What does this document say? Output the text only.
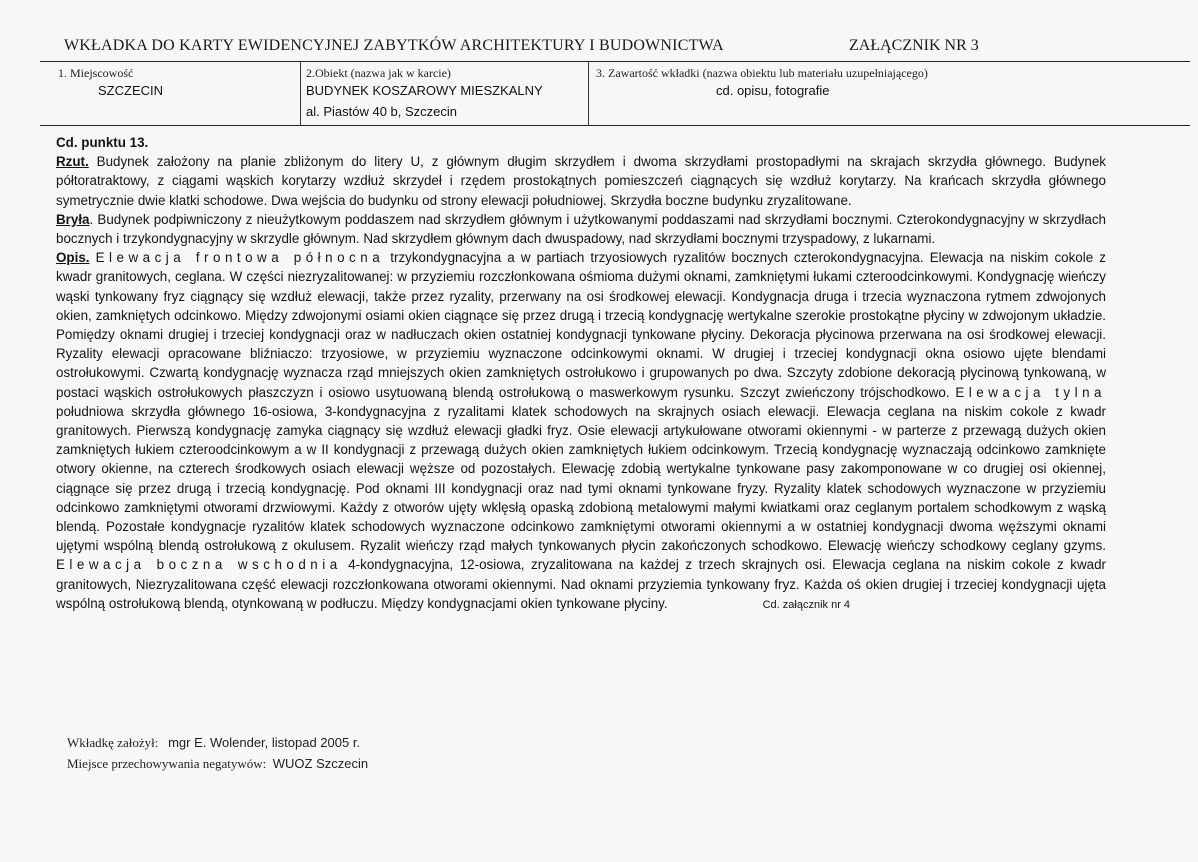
WKŁADKA DO KARTY EWIDENCYJNEJ ZABYTKÓW ARCHITEKTURY I BUDOWNICTWA	ZAŁĄCZNIK NR 3
1. Miejscowość
SZCZECIN
2.Obiekt (nazwa jak w karcie)
BUDYNEK KOSZAROWY MIESZKALNY
al. Piastów 40 b, Szczecin
3. Zawartość wkładki (nazwa obiektu lub materiału uzupełniającego)
cd. opisu, fotografie

Cd. punktu 13.

Rzut. Budynek założony na planie zbliżonym do litery U, z głównym długim skrzydłem i dwoma skrzydłami prostopadłymi na skrajach skrzydła głównego. Budynek półtoratraktowy, z ciągami wąskich korytarzy wzdłuż skrzydeł i rzędem prostokątnych pomieszczeń ciągnących się wzdłuż korytarzy. Na krańcach skrzydła głównego symetrycznie dwie klatki schodowe. Dwa wejścia do budynku od strony elewacji południowej. Skrzydła boczne budynku zryzalitowane.

Bryła. Budynek podpiwniczony z nieużytkowym poddaszem nad skrzydłem głównym i użytkowanymi poddaszami nad skrzydłami bocznymi. Czterokondygnacyjny w skrzydłach bocznych i trzykondygnacyjny w skrzydle głównym. Nad skrzydłem głównym dach dwuspadowy, nad skrzydłami bocznymi trzyspadowy, z lukarnami.

Opis. Elewacja frontowa północna trzykondygnacyjna a w partiach trzyosiowych ryzalitów bocznych czterokondygnacyjna. Elewacja na niskim cokole z kwadr granitowych, ceglana. W części niezryzalitowanej: w przyziemiu rozczłonkowana ośmioma dużymi oknami, zamkniętymi łukami czteroodcinkowymi. Kondygnację wieńczy wąski tynkowany fryz ciągnący się wzdłuż elewacji, także przez ryzality, przerwany na osi środkowej elewacji. Kondygnacja druga i trzecia wyznaczona rytmem zdwojonych okien, zamkniętych odcinkowo. Między zdwojonymi osiami okien ciągnące się przez drugą i trzecią kondygnację wertykalne szerokie prostokątne płyciny w zdwojonym układzie. Pomiędzy oknami drugiej i trzeciej kondygnacji oraz w nadłuczach okien ostatniej kondygnacji tynkowane płyciny. Dekoracja płycinowa przerwana na osi środkowej elewacji. Ryzality elewacji opracowane bliźniaczo: trzyosiowe, w przyziemiu wyznaczone odcinkowymi oknami. W drugiej i trzeciej kondygnacji okna osiowo ujęte blendami ostrołukowymi. Czwartą kondygnację wyznacza rząd mniejszych okien zamkniętych ostrołukowo i grupowanych po dwa. Szczyty zdobione dekoracją płycinową tynkowaną, w postaci wąskich ostrołukowych płaszczyzn i osiowo usytuowaną blendą ostrołukową o maswerkowym rysunku. Szczyt zwieńczony trójschodkowo. Elewacja tylna południowa skrzydła głównego 16-osiowa, 3-kondygnacyjna z ryzalitami klatek schodowych na skrajnych osiach elewacji. Elewacja ceglana na niskim cokole z kwadr granitowych. Pierwszą kondygnację zamyka ciągnący się wzdłuż elewacji gładki fryz. Osie elewacji artykułowane otworami okiennymi - w parterze z przewagą dużych okien zamkniętych łukiem czteroodcinkowym a w II kondygnacji z przewagą dużych okien zamkniętych łukiem odcinkowym. Trzecią kondygnację wyznaczają odcinkowo zamknięte otwory okienne, na czterech środkowych osiach elewacji węższe od pozostałych. Elewację zdobią wertykalne tynkowane pasy zakomponowane w co drugiej osi okiennej, ciągnące się przez drugą i trzecią kondygnację. Pod oknami III kondygnacji oraz nad tymi oknami tynkowane fryzy. Ryzality klatek schodowych wyznaczone w przyziemiu odcinkowo zamkniętymi otworami drzwiowymi. Każdy z otworów ujęty wklęsłą opaską zdobioną metalowymi małymi kwiatkami oraz ceglanym portalem schodkowym z wąską blendą. Pozostałe kondygnacje ryzalitów klatek schodowych wyznaczone odcinkowo zamkniętymi otworami okiennymi a w ostatniej kondygnacji dwoma węższymi oknami ujętymi wspólną blendą ostrołukową z okulusem. Ryzalit wieńczy rząd małych tynkowanych płycin zakończonych schodkowo. Elewację wieńczy schodkowy ceglany gzyms. Elewacja boczna wschodnia 4-kondygnacyjna, 12-osiowa, zryzalitowana na każdej z trzech skrajnych osi. Elewacja ceglana na niskim cokole z kwadr granitowych, Niezryzalitowana część elewacji rozczłonkowana otworami okiennymi. Nad oknami przyziemia tynkowany fryz. Każda oś okien drugiej i trzeciej kondygnacji ujęta wspólną ostrołukową blendą, otynkowaną w podłuczu. Między kondygnacjami okien tynkowane płyciny.	Cd. załącznik nr 4

Wkładkę założył: mgr E. Wolender, listopad 2005 r.
Miejsce przechowywania negatywów: WUOZ Szczecin
